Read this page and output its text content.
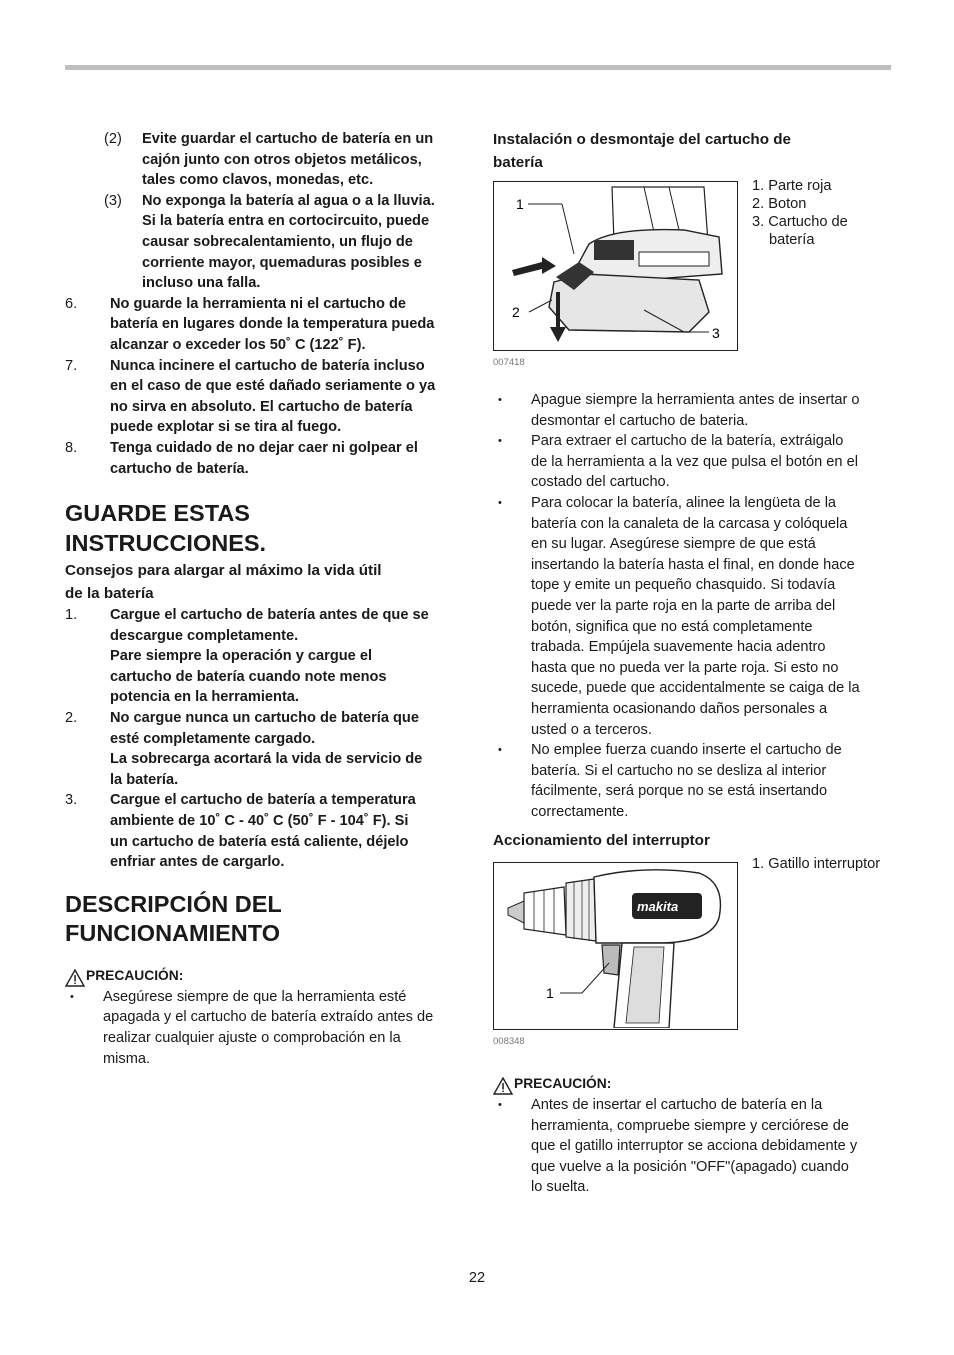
(2) Evite guardar el cartucho de batería en un

cajón junto con otros objetos metálicos,

tales como clavos, monedas, etc.

(3) No exponga la batería al agua o a la lluvia.

Si la batería entra en cortocircuito, puede

causar sobrecalentamiento, un flujo de

corriente mayor, quemaduras posibles e

incluso una falla.

6. No guarde la herramienta ni el cartucho de

batería en lugares donde la temperatura pueda

alcanzar o exceder los 50˚ C (122˚ F).

7. Nunca incinere el cartucho de batería incluso

en el caso de que esté dañado seriamente o ya

no sirva en absoluto. El cartucho de batería

puede explotar si se tira al fuego.

8. Tenga cuidado de no dejar caer ni golpear el

cartucho de batería.

GUARDE ESTAS
INSTRUCCIONES.
Consejos para alargar al máximo la vida útil
de la batería
1. Cargue el cartucho de batería antes de que se

descargue completamente.

Pare siempre la operación y cargue el

cartucho de batería cuando note menos

potencia en la herramienta.

2. No cargue nunca un cartucho de batería que

esté completamente cargado.

La sobrecarga acortará la vida de servicio de

la batería.

3. Cargue el cartucho de batería a temperatura

ambiente de 10˚ C - 40˚ C (50˚ F - 104˚ F). Si

un cartucho de batería está caliente, déjelo

enfriar antes de cargarlo.

DESCRIPCIÓN DEL
FUNCIONAMIENTO
PRECAUCIÓN:
• Asegúrese siempre de que la herramienta esté

apagada y el cartucho de batería extraído antes de

realizar cualquier ajuste o comprobación en la

misma.

Instalación o desmontaje del cartucho de
batería
1
2
3
1. Parte roja
2. Boton
3. Cartucho de batería
007418
• Apague siempre la herramienta antes de insertar o

desmontar el cartucho de bateria.

• Para extraer el cartucho de la batería, extráigalo

de la herramienta a la vez que pulsa el botón en el

costado del cartucho.

• Para colocar la batería, alinee la lengüeta de la

batería con la canaleta de la carcasa y colóquela

en su lugar. Asegúrese siempre de que está

insertando la batería hasta el final, en donde hace

tope y emite un pequeño chasquido. Si todavía

puede ver la parte roja en la parte de arriba del

botón, significa que no está completamente

trabada. Empújela suavemente hacia adentro

hasta que no pueda ver la parte roja. Si esto no

sucede, puede que accidentalmente se caiga de la

herramienta ocasionando daños personales a

usted o a terceros.

• No emplee fuerza cuando inserte el cartucho de

batería. Si el cartucho no se desliza al interior

fácilmente, será porque no se está insertando

correctamente.

Accionamiento del interruptor
makita
1
1. Gatillo interruptor
008348
PRECAUCIÓN:
• Antes de insertar el cartucho de batería en la

herramienta, compruebe siempre y cerciórese de

que el gatillo interruptor se acciona debidamente y

que vuelve a la posición "OFF"(apagado) cuando

lo suelta.

22
